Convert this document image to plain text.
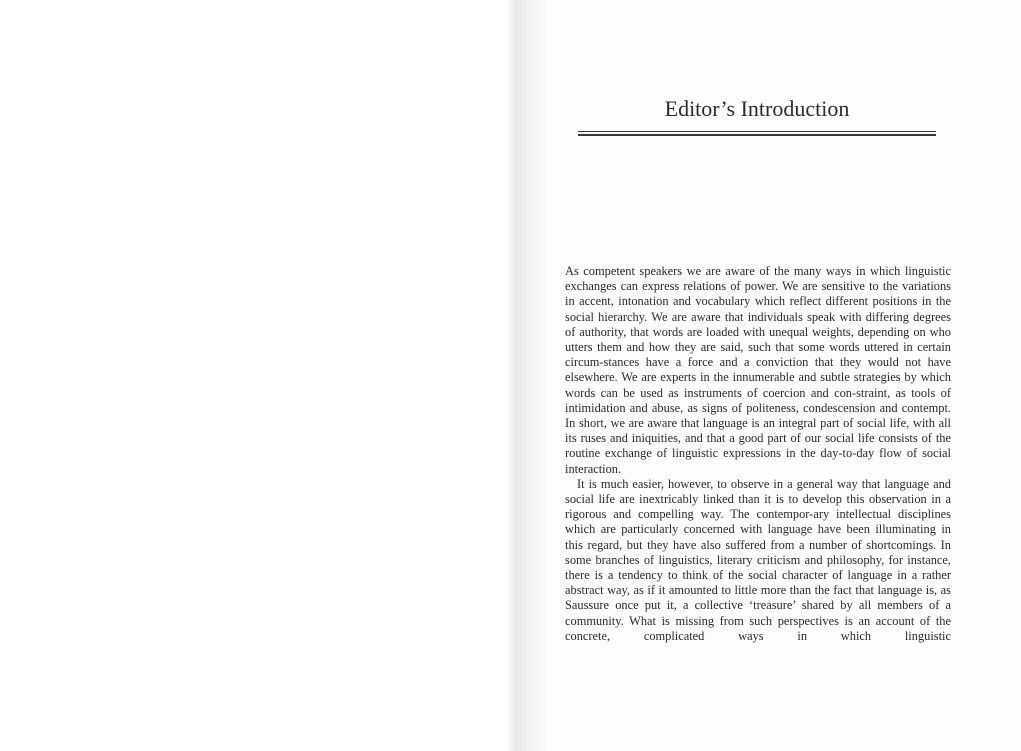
Editor’s Introduction

As competent speakers we are aware of the many ways in which linguistic exchanges can express relations of power. We are sensitive to the variations in accent, intonation and vocabulary which reflect different positions in the social hierarchy. We are aware that individuals speak with differing degrees of authority, that words are loaded with unequal weights, depending on who utters them and how they are said, such that some words uttered in certain circum-stances have a force and a conviction that they would not have elsewhere. We are experts in the innumerable and subtle strategies by which words can be used as instruments of coercion and con-straint, as tools of intimidation and abuse, as signs of politeness, condescension and contempt. In short, we are aware that language is an integral part of social life, with all its ruses and iniquities, and that a good part of our social life consists of the routine exchange of linguistic expressions in the day-to-day flow of social interaction.

It is much easier, however, to observe in a general way that language and social life are inextricably linked than it is to develop this observation in a rigorous and compelling way. The contempor-ary intellectual disciplines which are particularly concerned with language have been illuminating in this regard, but they have also suffered from a number of shortcomings. In some branches of linguistics, literary criticism and philosophy, for instance, there is a tendency to think of the social character of language in a rather abstract way, as if it amounted to little more than the fact that language is, as Saussure once put it, a collective ‘treasure’ shared by all members of a community. What is missing from such perspectives is an account of the concrete, complicated ways in which linguistic
